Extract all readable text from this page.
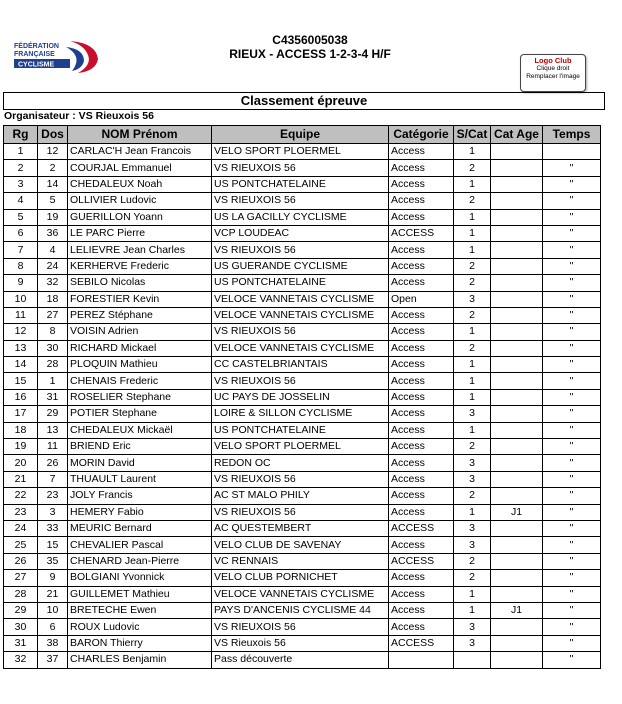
FÉDÉRATION
FRANÇAISE
CYCLISME
C4356005038
RIEUX - ACCESS 1-2-3-4 H/F	Logo Club
Clique droit
Remplacer l'image
Classement épreuve
Organisateur : VS Rieuxois 56
Rg	Dos	NOM Prénom	Equipe	Catégorie	S/Cat	Cat Age	Temps
1	12	CARLAC'H Jean Francois	VELO SPORT PLOERMEL	Access	1		
2	2	COURJAL Emmanuel	VS RIEUXOIS 56	Access	2		"
3	14	CHEDALEUX Noah	US PONTCHATELAINE	Access	1		"
4	5	OLLIVIER Ludovic	VS RIEUXOIS 56	Access	2		"
5	19	GUERILLON Yoann	US LA GACILLY CYCLISME	Access	1		"
6	36	LE PARC Pierre	VCP LOUDEAC	ACCESS	1		"
7	4	LELIEVRE Jean Charles	VS RIEUXOIS 56	Access	1		"
8	24	KERHERVE Frederic	US GUERANDE CYCLISME	Access	2		"
9	32	SEBILO Nicolas	US PONTCHATELAINE	Access	2		"
10	18	FORESTIER Kevin	VELOCE VANNETAIS CYCLISME	Open	3		"
11	27	PEREZ Stéphane	VELOCE VANNETAIS CYCLISME	Access	2		"
12	8	VOISIN Adrien	VS RIEUXOIS 56	Access	1		"
13	30	RICHARD Mickael	VELOCE VANNETAIS CYCLISME	Access	2		"
14	28	PLOQUIN Mathieu	CC CASTELBRIANTAIS	Access	1		"
15	1	CHENAIS Frederic	VS RIEUXOIS 56	Access	1		"
16	31	ROSELIER Stephane	UC PAYS DE JOSSELIN	Access	1		"
17	29	POTIER Stephane	LOIRE & SILLON CYCLISME	Access	3		"
18	13	CHEDALEUX Mickaël	US PONTCHATELAINE	Access	1		"
19	11	BRIEND Eric	VELO SPORT PLOERMEL	Access	2		"
20	26	MORIN David	REDON OC	Access	3		"
21	7	THUAULT Laurent	VS RIEUXOIS 56	Access	3		"
22	23	JOLY Francis	AC ST MALO PHILY	Access	2		"
23	3	HEMERY Fabio	VS RIEUXOIS 56	Access	1	J1	"
24	33	MEURIC Bernard	AC QUESTEMBERT	ACCESS	3		"
25	15	CHEVALIER Pascal	VELO CLUB DE SAVENAY	Access	3		"
26	35	CHENARD Jean-Pierre	VC RENNAIS	ACCESS	2		"
27	9	BOLGIANI Yvonnick	VELO CLUB PORNICHET	Access	2		"
28	21	GUILLEMET Mathieu	VELOCE VANNETAIS CYCLISME	Access	1		"
29	10	BRETECHE Ewen	PAYS D'ANCENIS CYCLISME 44	Access	1	J1	"
30	6	ROUX Ludovic	VS RIEUXOIS 56	Access	3		"
31	38	BARON Thierry	VS Rieuxois 56	ACCESS	3		"
32	37	CHARLES Benjamin	Pass découverte				"
